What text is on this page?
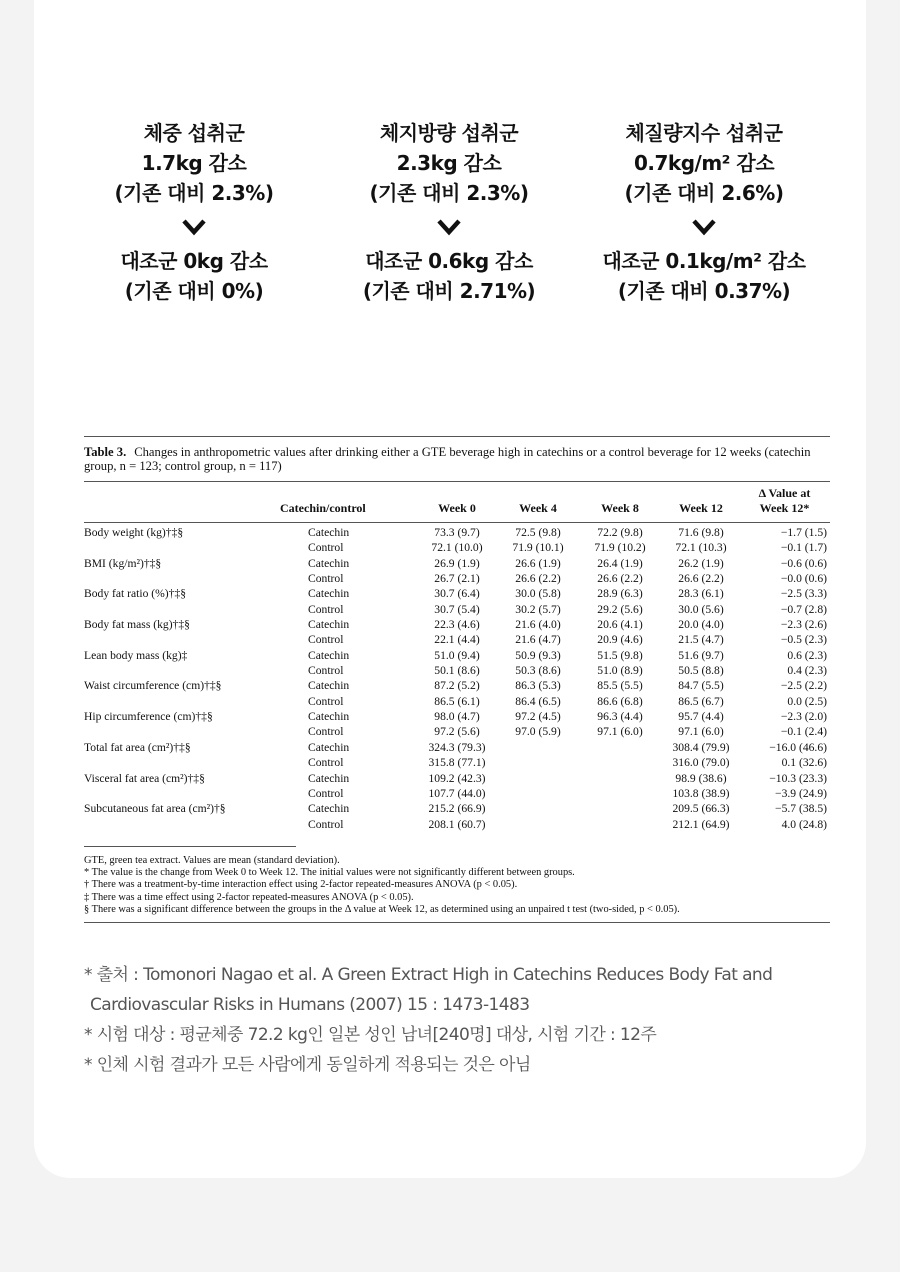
체중 섭취군
1.7kg 감소
(기존 대비 2.3%)
대조군 0kg 감소
(기존 대비 0%)
체지방량 섭취군
2.3kg 감소
(기존 대비 2.3%)
대조군 0.6kg 감소
(기존 대비 2.71%)
체질량지수 섭취군
0.7kg/m² 감소
(기존 대비 2.6%)
대조군 0.1kg/m² 감소
(기존 대비 0.37%)
Table 3. Changes in anthropometric values after drinking either a GTE beverage high in catechins or a control beverage for 12 weeks (catechin group, n = 123; control group, n = 117)
	Catechin/control	Week 0	Week 4	Week 8	Week 12	Δ Value at
Week 12*

Body weight (kg)†‡§	Catechin	73.3 (9.7)	72.5 (9.8)	72.2 (9.8)	71.6 (9.8)	−1.7 (1.5)
	Control	72.1 (10.0)	71.9 (10.1)	71.9 (10.2)	72.1 (10.3)	−0.1 (1.7)
BMI (kg/m²)†‡§	Catechin	26.9 (1.9)	26.6 (1.9)	26.4 (1.9)	26.2 (1.9)	−0.6 (0.6)
	Control	26.7 (2.1)	26.6 (2.2)	26.6 (2.2)	26.6 (2.2)	−0.0 (0.6)
Body fat ratio (%)†‡§	Catechin	30.7 (6.4)	30.0 (5.8)	28.9 (6.3)	28.3 (6.1)	−2.5 (3.3)
	Control	30.7 (5.4)	30.2 (5.7)	29.2 (5.6)	30.0 (5.6)	−0.7 (2.8)
Body fat mass (kg)†‡§	Catechin	22.3 (4.6)	21.6 (4.0)	20.6 (4.1)	20.0 (4.0)	−2.3 (2.6)
	Control	22.1 (4.4)	21.6 (4.7)	20.9 (4.6)	21.5 (4.7)	−0.5 (2.3)
Lean body mass (kg)‡	Catechin	51.0 (9.4)	50.9 (9.3)	51.5 (9.8)	51.6 (9.7)	0.6 (2.3)
	Control	50.1 (8.6)	50.3 (8.6)	51.0 (8.9)	50.5 (8.8)	0.4 (2.3)
Waist circumference (cm)†‡§	Catechin	87.2 (5.2)	86.3 (5.3)	85.5 (5.5)	84.7 (5.5)	−2.5 (2.2)
	Control	86.5 (6.1)	86.4 (6.5)	86.6 (6.8)	86.5 (6.7)	0.0 (2.5)
Hip circumference (cm)†‡§	Catechin	98.0 (4.7)	97.2 (4.5)	96.3 (4.4)	95.7 (4.4)	−2.3 (2.0)
	Control	97.2 (5.6)	97.0 (5.9)	97.1 (6.0)	97.1 (6.0)	−0.1 (2.4)
Total fat area (cm²)†‡§	Catechin	324.3 (79.3)			308.4 (79.9)	−16.0 (46.6)
	Control	315.8 (77.1)			316.0 (79.0)	0.1 (32.6)
Visceral fat area (cm²)†‡§	Catechin	109.2 (42.3)			98.9 (38.6)	−10.3 (23.3)
	Control	107.7 (44.0)			103.8 (38.9)	−3.9 (24.9)
Subcutaneous fat area (cm²)†§	Catechin	215.2 (66.9)			209.5 (66.3)	−5.7 (38.5)
	Control	208.1 (60.7)			212.1 (64.9)	4.0 (24.8)
GTE, green tea extract. Values are mean (standard deviation).
* The value is the change from Week 0 to Week 12. The initial values were not significantly different between groups.
† There was a treatment-by-time interaction effect using 2-factor repeated-measures ANOVA (p < 0.05).
‡ There was a time effect using 2-factor repeated-measures ANOVA (p < 0.05).
§ There was a significant difference between the groups in the Δ value at Week 12, as determined using an unpaired t test (two-sided, p < 0.05).
* 출처 : Tomonori Nagao et al. A Green Extract High in Catechins Reduces Body Fat and
Cardiovascular Risks in Humans (2007) 15 : 1473-1483
* 시험 대상 : 평균체중 72.2 kg인 일본 성인 남녀[240명] 대상, 시험 기간 : 12주
* 인체 시험 결과가 모든 사람에게 동일하게 적용되는 것은 아님
